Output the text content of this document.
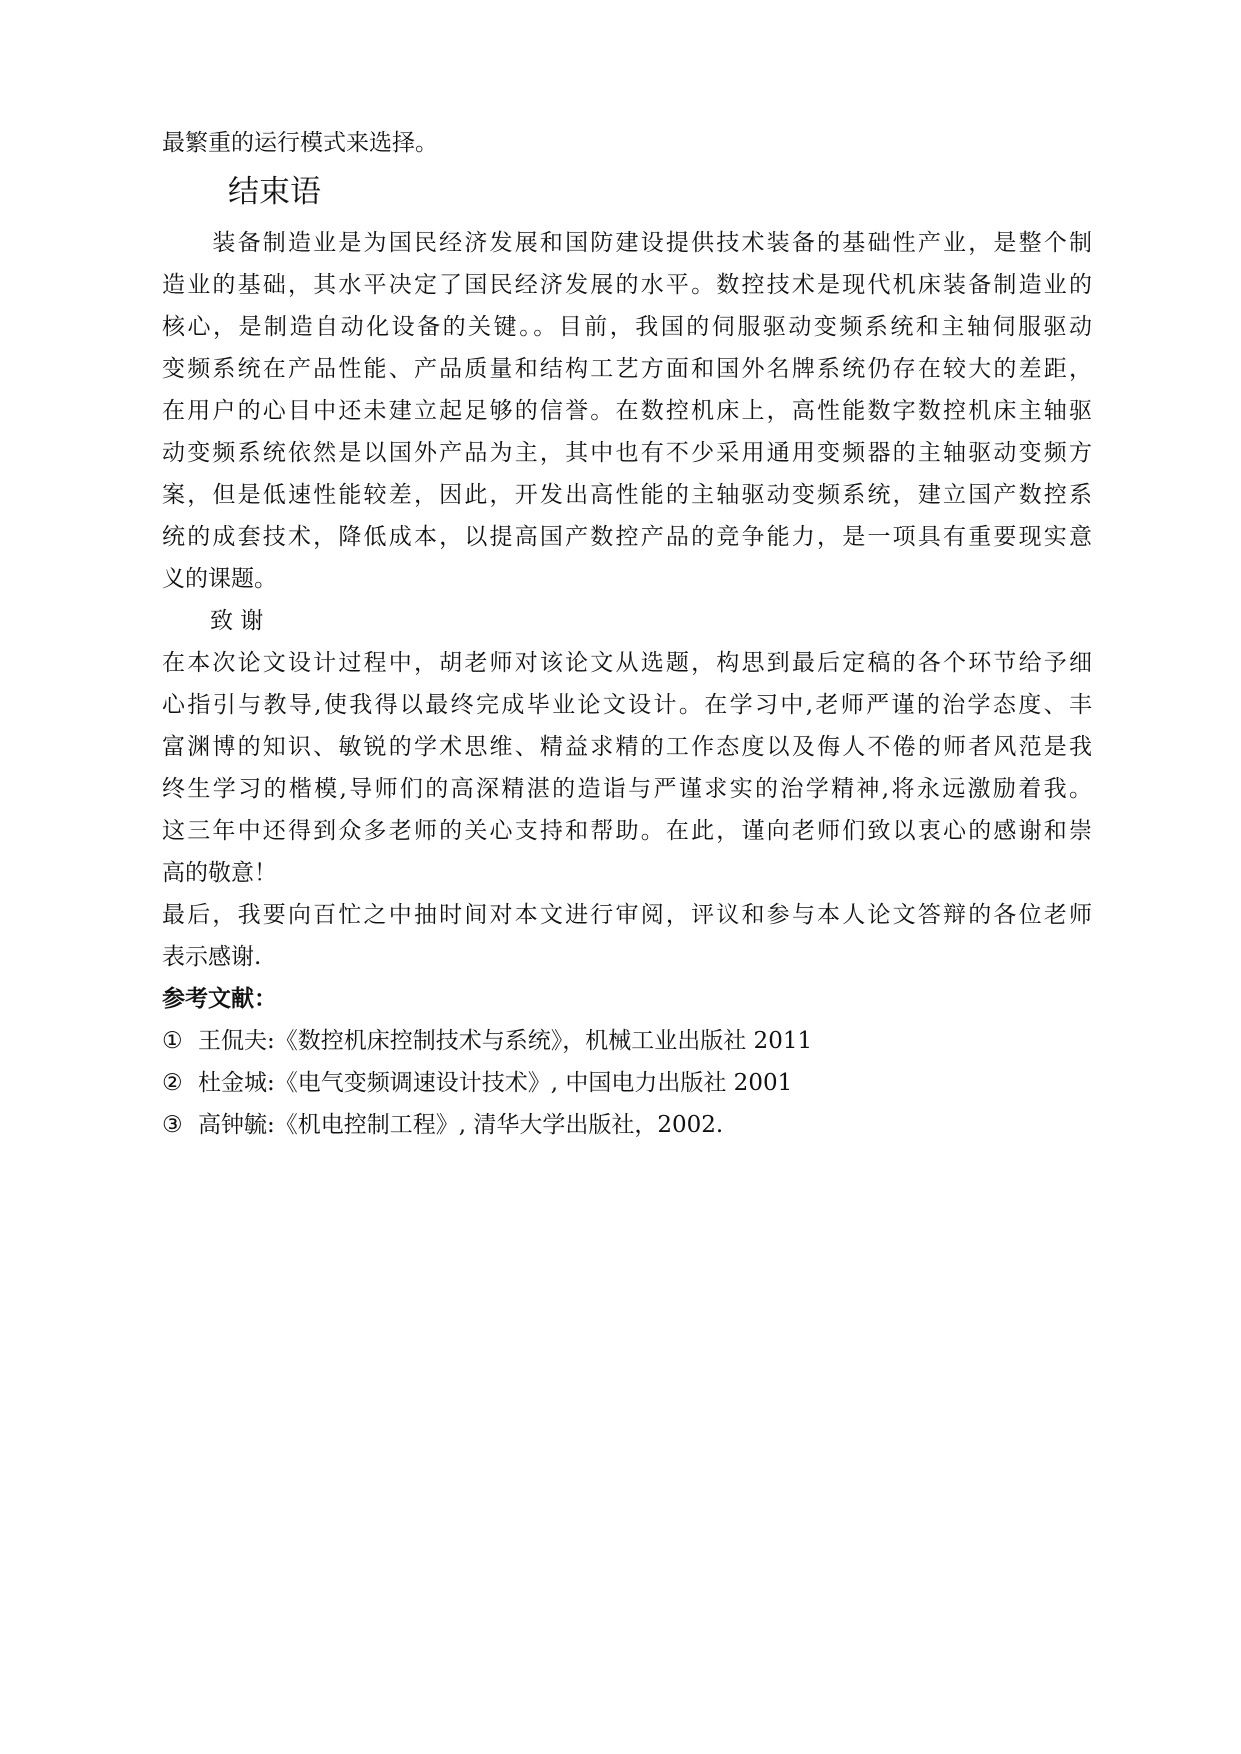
最繁重的运行模式来选择。
结束语
　　装备制造业是为国民经济发展和国防建设提供技术装备的基础性产业，是整个制
造业的基础，其水平决定了国民经济发展的水平。数控技术是现代机床装备制造业的
核心，是制造自动化设备的关键。。目前，我国的伺服驱动变频系统和主轴伺服驱动
变频系统在产品性能、产品质量和结构工艺方面和国外名牌系统仍存在较大的差距，
在用户的心目中还未建立起足够的信誉。在数控机床上，高性能数字数控机床主轴驱
动变频系统依然是以国外产品为主，其中也有不少采用通用变频器的主轴驱动变频方
案，但是低速性能较差，因此，开发出高性能的主轴驱动变频系统，建立国产数控系
统的成套技术，降低成本，以提高国产数控产品的竞争能力，是一项具有重要现实意
义的课题。
致 谢
在本次论文设计过程中，胡老师对该论文从选题，构思到最后定稿的各个环节给予细
心指引与教导,使我得以最终完成毕业论文设计。在学习中,老师严谨的治学态度、丰
富渊博的知识、敏锐的学术思维、精益求精的工作态度以及侮人不倦的师者风范是我
终生学习的楷模,导师们的高深精湛的造诣与严谨求实的治学精神,将永远激励着我。
这三年中还得到众多老师的关心支持和帮助。在此，谨向老师们致以衷心的感谢和崇
高的敬意！
最后，我要向百忙之中抽时间对本文进行审阅，评议和参与本人论文答辩的各位老师
表示感谢.
参考文献：
① 王侃夫:《数控机床控制技术与系统》，机械工业出版社 2011
② 杜金城:《电气变频调速设计技术》, 中国电力出版社 2001
③ 高钟毓:《机电控制工程》, 清华大学出版社，2002.
